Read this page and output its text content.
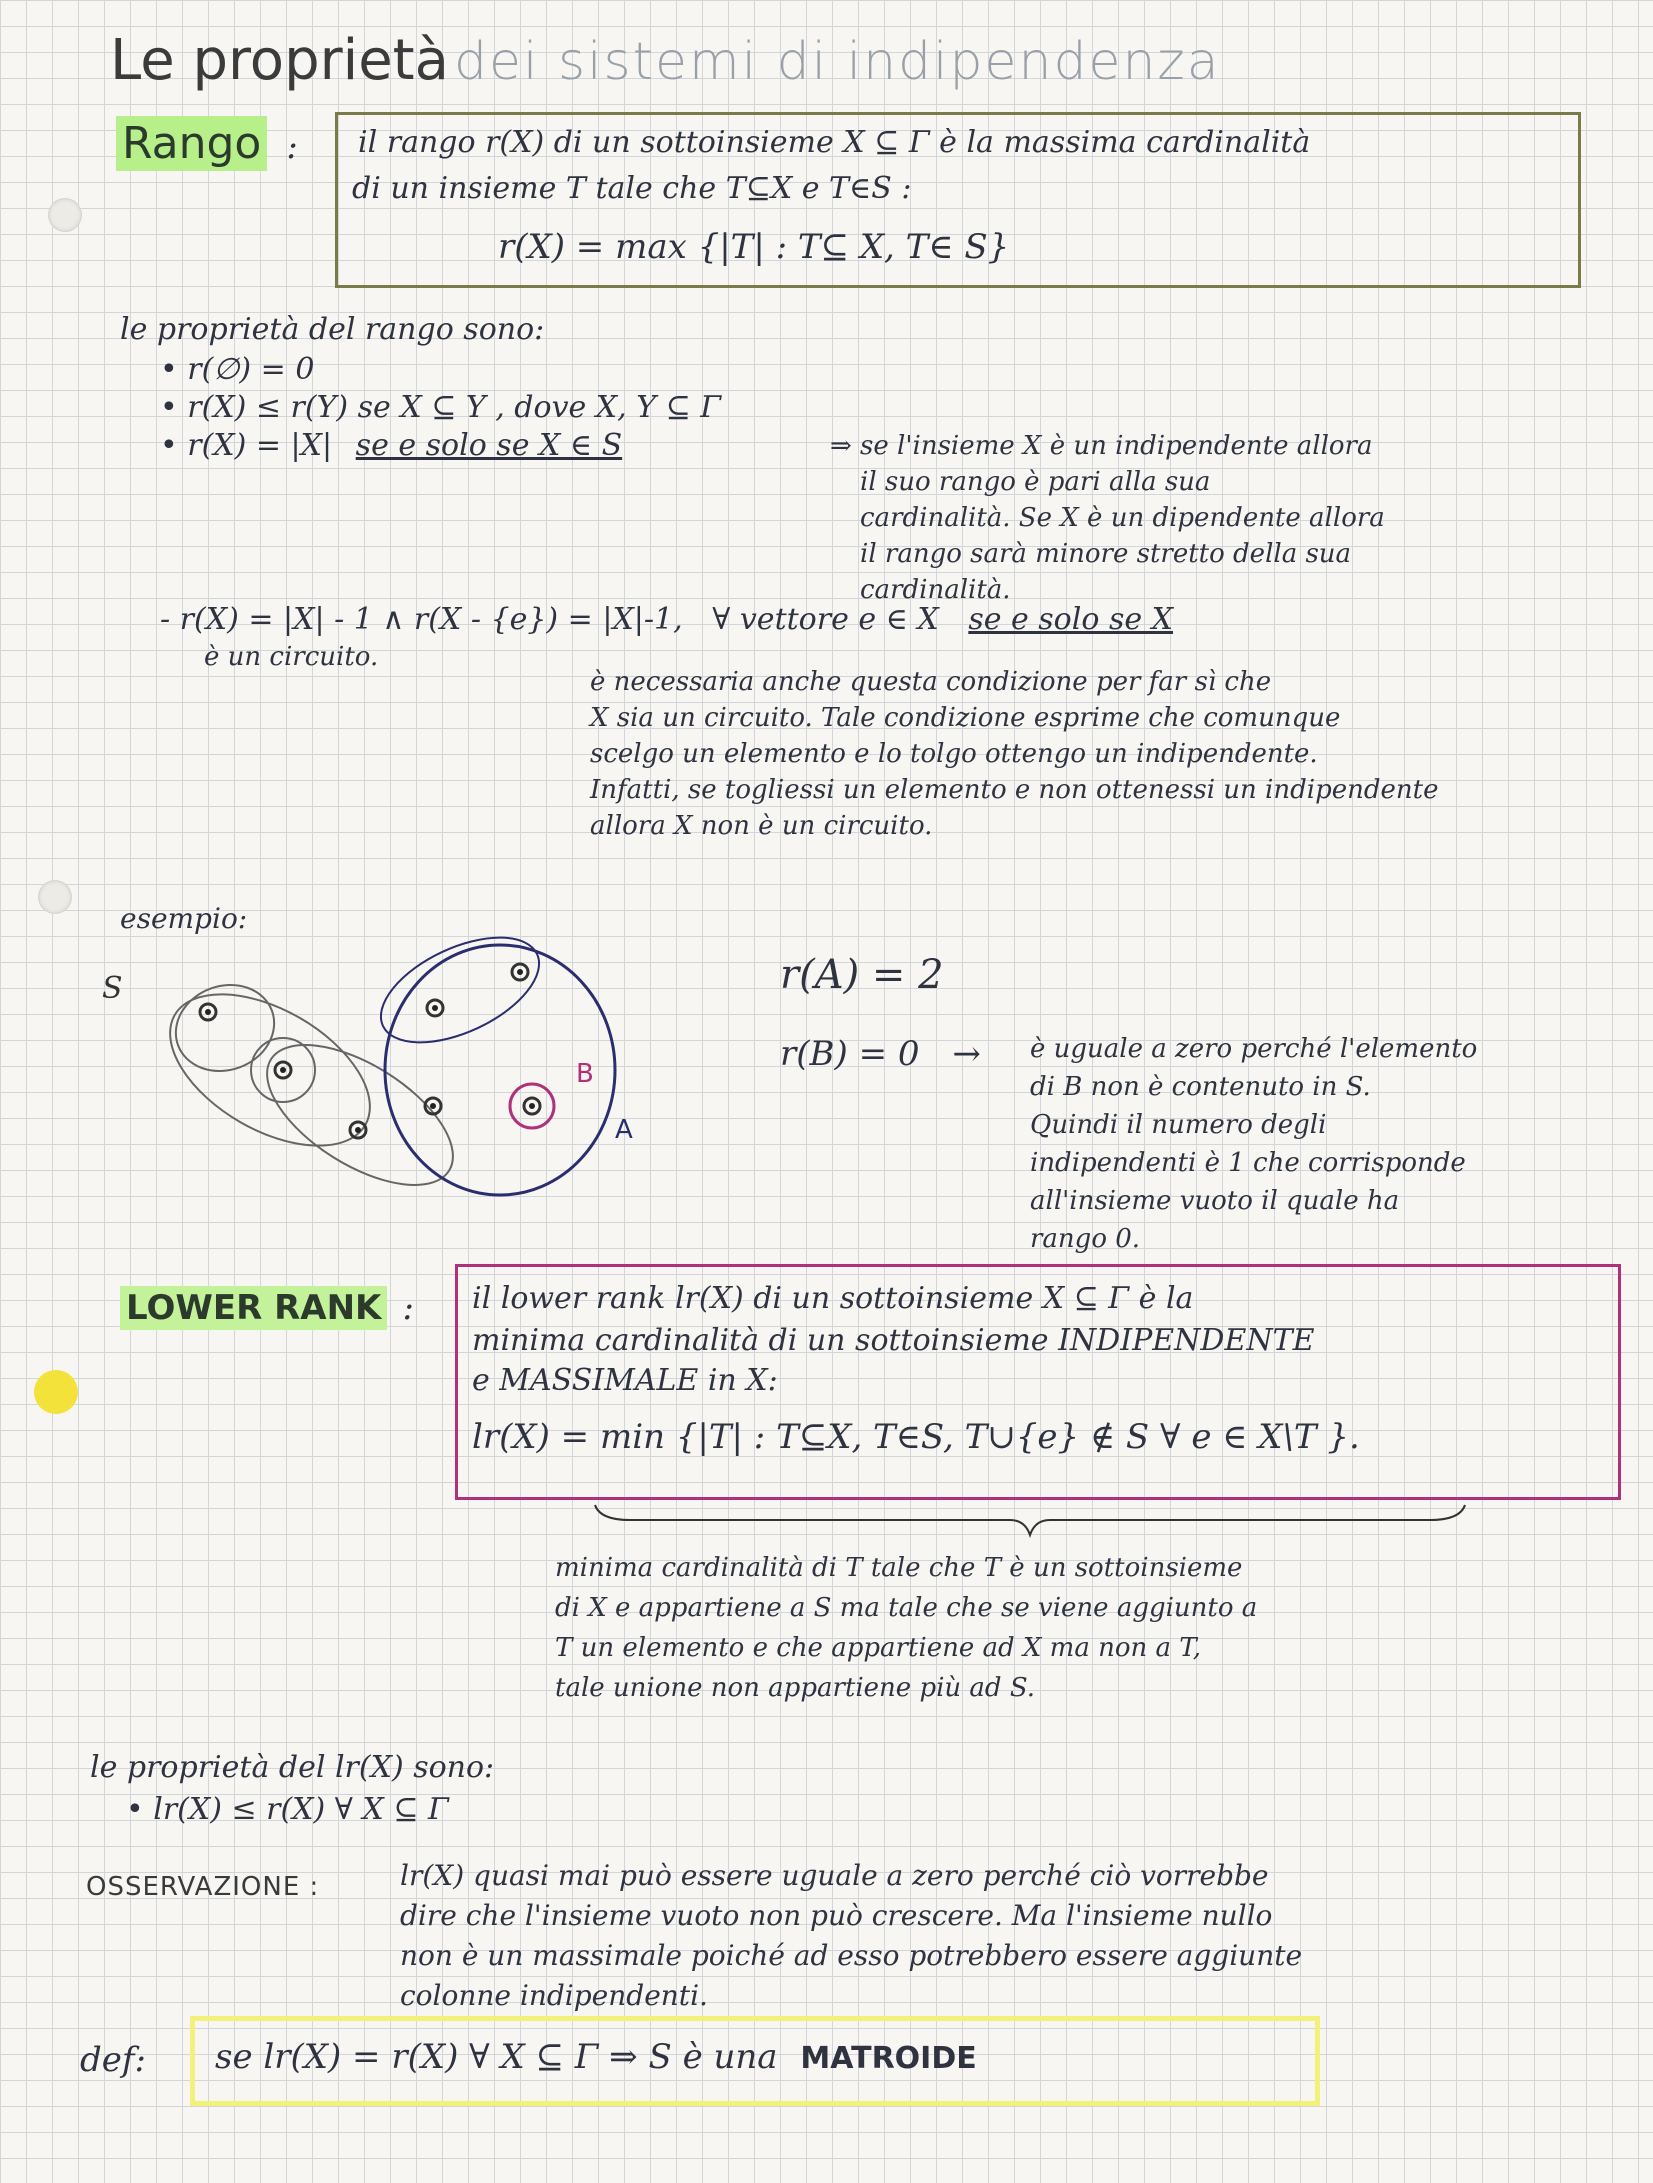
Le proprietà dei sistemi di indipendenza
Rango : il rango r(X) di un sottoinsieme X ⊆ Γ è la massima cardinalità
di un insieme T tale che T⊆X e T∈S :
r(X) = max {|T| : T⊆ X, T∈ S}
le proprietà del rango sono:
• r(∅) = 0
• r(X) ≤ r(Y) se X ⊆ Y , dove X, Y ⊆ Γ
• r(X) = |X| se e solo se X ∈ S	⇒ se l'insieme X è un indipendente allora
il suo rango è pari alla sua
cardinalità. Se X è un dipendente allora
il rango sarà minore stretto della sua
cardinalità.
- r(X) = |X| - 1 ∧ r(X - {e}) = |X|-1, ∀ vettore e ∈ X se e solo se X
è un circuito.
è necessaria anche questa condizione per far sì che
X sia un circuito. Tale condizione esprime che comunque
scelgo un elemento e lo tolgo ottengo un indipendente.
Infatti, se togliessi un elemento e non ottenessi un indipendente
allora X non è un circuito.
esempio:
S
B
A
r(A) = 2
r(B) = 0 → è uguale a zero perché l'elemento
di B non è contenuto in S.
Quindi il numero degli
indipendenti è 1 che corrisponde
all'insieme vuoto il quale ha
rango 0.
LOWER RANK : il lower rank lr(X) di un sottoinsieme X ⊆ Γ è la
minima cardinalità di un sottoinsieme INDIPENDENTE
e MASSIMALE in X:
lr(X) = min {|T| : T⊆X, T∈S, T∪{e} ∉ S ∀ e ∈ X\T }.
minima cardinalità di T tale che T è un sottoinsieme
di X e appartiene a S ma tale che se viene aggiunto a
T un elemento e che appartiene ad X ma non a T,
tale unione non appartiene più ad S.
le proprietà del lr(X) sono:
• lr(X) ≤ r(X) ∀ X ⊆ Γ
OSSERVAZIONE :	lr(X) quasi mai può essere uguale a zero perché ciò vorrebbe
dire che l'insieme vuoto non può crescere. Ma l'insieme nullo
non è un massimale poiché ad esso potrebbero essere aggiunte
colonne indipendenti.
def: se lr(X) = r(X) ∀ X ⊆ Γ ⇒ S è una MATROIDE
